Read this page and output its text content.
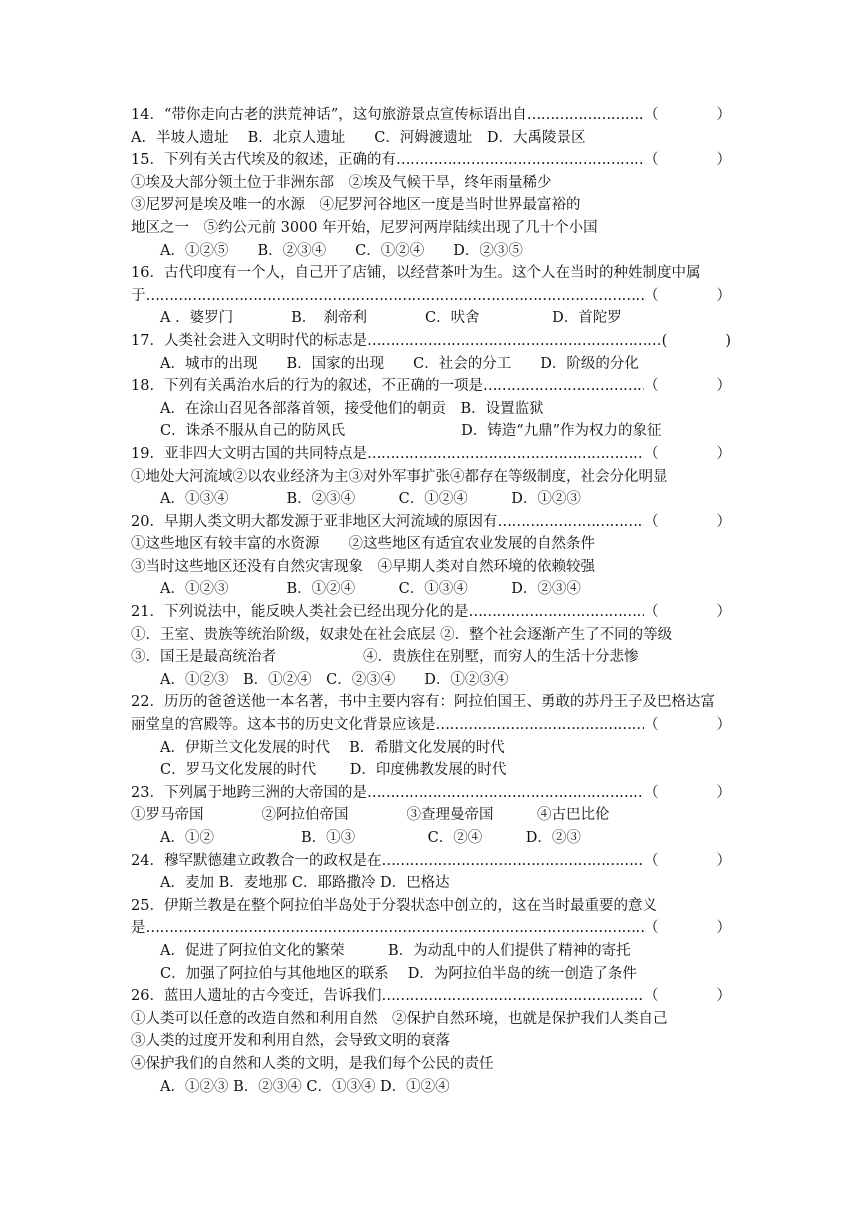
14．“带你走向古老的洪荒神话”，这句旅游景点宣传标语出自 ……………………………………………………………………………………………………………………………………	（　　　　）
A．半坡人遗址　 B．北京人遗址　　C．河姆渡遗址　D．大禹陵景区
15．下列有关古代埃及的叙述，正确的有 ……………………………………………………………………………………………………………………………………	（　　　　）
①埃及大部分领土位于非洲东部　②埃及气候干旱，终年雨量稀少
③尼罗河是埃及唯一的水源　④尼罗河谷地区一度是当时世界最富裕的
地区之一　⑤约公元前 3000 年开始，尼罗河两岸陆续出现了几十个小国
A．①②⑤　　B．②③④　　C．①②④　　D．②③⑤
16．古代印度有一个人，自己开了店铺，以经营茶叶为生。这个人在当时的种姓制度中属
于 ……………………………………………………………………………………………………………………………………	（　　　　）
A ．婆罗门　　　　B．　刹帝利　　　　C．吠舍　　　　　D．首陀罗
17．人类社会进入文明时代的标志是 ……………………………………………………………………………………………………………………………………	(　　　　)
A．城市的出现　　B．国家的出现　　C．社会的分工　　D．阶级的分化
18．下列有关禹治水后的行为的叙述，不正确的一项是 ……………………………………………………………………………………………………………………………………	（　　　　）
A．在涂山召见各部落首领，接受他们的朝贡　B．设置监狱
C．诛杀不服从自己的防风氏　　　　　　　　D．铸造“九鼎”作为权力的象征
19．亚非四大文明古国的共同特点是 ……………………………………………………………………………………………………………………………………	（　　　　）
①地处大河流域②以农业经济为主③对外军事扩张④都存在等级制度，社会分化明显
A．①③④　　　　B．②③④　　　C．①②④　　　D．①②③
20．早期人类文明大都发源于亚非地区大河流域的原因有 ……………………………………………………………………………………………………………………………………	（　　　　）
①这些地区有较丰富的水资源　　②这些地区有适宜农业发展的自然条件
③当时这些地区还没有自然灾害现象　④早期人类对自然环境的依赖较强
A．①②③　　　　B．①②④　　　C．①③④　　　D．②③④
21．下列说法中，能反映人类社会已经出现分化的是 ……………………………………………………………………………………………………………………………………	（　　　　）
①．王室、贵族等统治阶级，奴隶处在社会底层 ②．整个社会逐渐产生了不同的等级
③．国王是最高统治者　　　　　　④．贵族住在别墅，而穷人的生活十分悲惨
A．①②③　B．①②④　C．②③④　　D．①②③④
22．历历的爸爸送他一本名著，书中主要内容有：阿拉伯国王、勇敢的苏丹王子及巴格达富
丽堂皇的宫殿等。这本书的历史文化背景应该是 ……………………………………………………………………………………………………………………………………	（　　　　）
A．伊斯兰文化发展的时代　 B．希腊文化发展的时代
C．罗马文化发展的时代　　 D．印度佛教发展的时代
23．下列属于地跨三洲的大帝国的是 ……………………………………………………………………………………………………………………………………	（　　　　）
①罗马帝国　　　　②阿拉伯帝国　　　　③查理曼帝国　　　④古巴比伦
A．①②　　　　　　B．①③　　　　　C．②④　　　D．②③
24．穆罕默德建立政教合一的政权是在 ……………………………………………………………………………………………………………………………………	（　　　　）
A．麦加 B．麦地那 C．耶路撒冷 D．巴格达
25．伊斯兰教是在整个阿拉伯半岛处于分裂状态中创立的，这在当时最重要的意义
是 ……………………………………………………………………………………………………………………………………	（　　　　）
A．促进了阿拉伯文化的繁荣　　　B．为动乱中的人们提供了精神的寄托
C．加强了阿拉伯与其他地区的联系　 D．为阿拉伯半岛的统一创造了条件
26．蓝田人遗址的古今变迁，告诉我们 ……………………………………………………………………………………………………………………………………	（　　　　）
①人类可以任意的改造自然和利用自然　②保护自然环境，也就是保护我们人类自己
③人类的过度开发和利用自然，会导致文明的衰落
④保护我们的自然和人类的文明，是我们每个公民的责任
A．①②③ B．②③④ C．①③④ D．①②④
